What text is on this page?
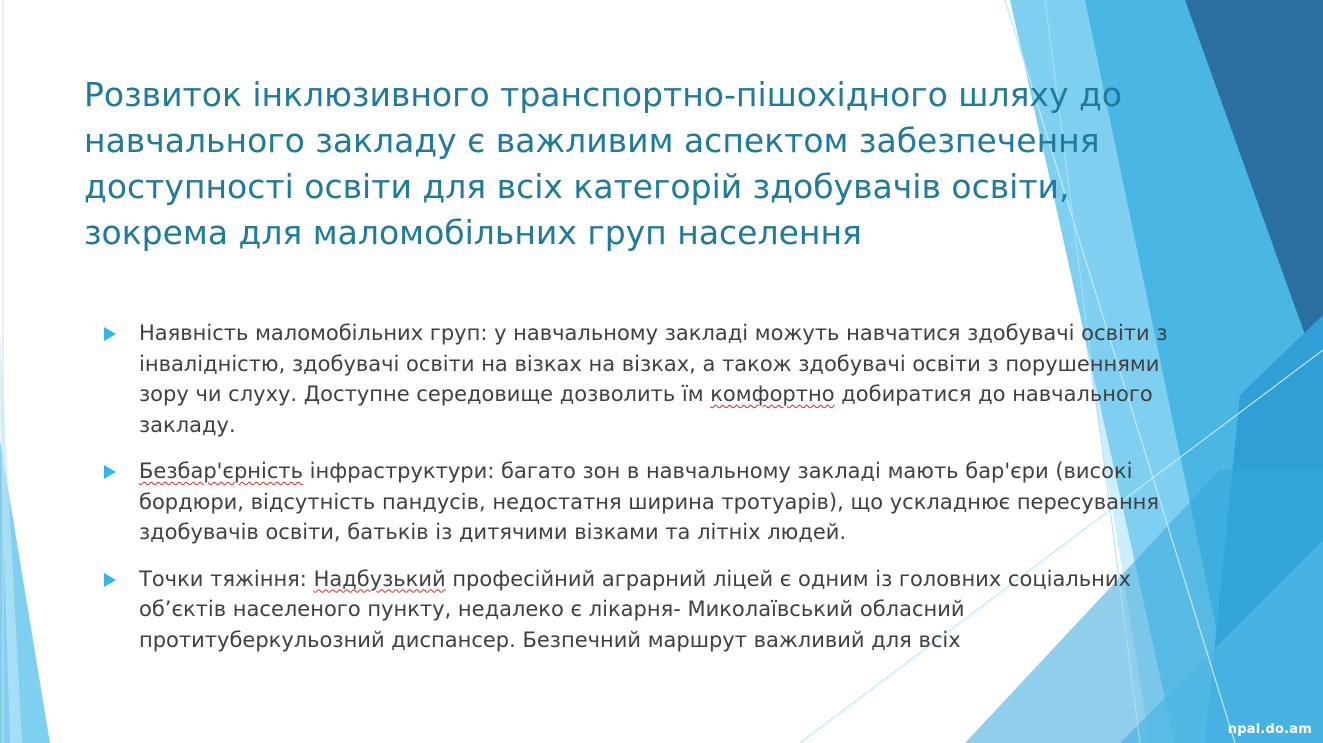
Розвиток інклюзивного транспортно-пішохідного шляху до навчального закладу є важливим аспектом забезпечення доступності освіти для всіх категорій здобувачів освіти, зокрема для маломобільних груп населення
Наявність маломобільних груп: у навчальному закладі можуть навчатися здобувачі освіти з інвалідністю, здобувачі освіти на візках на візках, а також здобувачі освіти з порушеннями зору чи слуху. Доступне середовище дозволить їм комфортно добиратися до навчального закладу.
Безбар'єрність інфраструктури: багато зон в навчальному закладі мають бар'єри (високі бордюри, відсутність пандусів, недостатня ширина тротуарів), що ускладнює пересування здобувачів освіти, батьків із дитячими візками та літніх людей.
Точки тяжіння: Надбузький професійний аграрний ліцей є одним із головних соціальних об’єктів населеного пункту, недалеко є лікарня- Миколаївський обласний протитуберкульозний диспансер. Безпечний маршрут важливий для всіх
npal.do.am
